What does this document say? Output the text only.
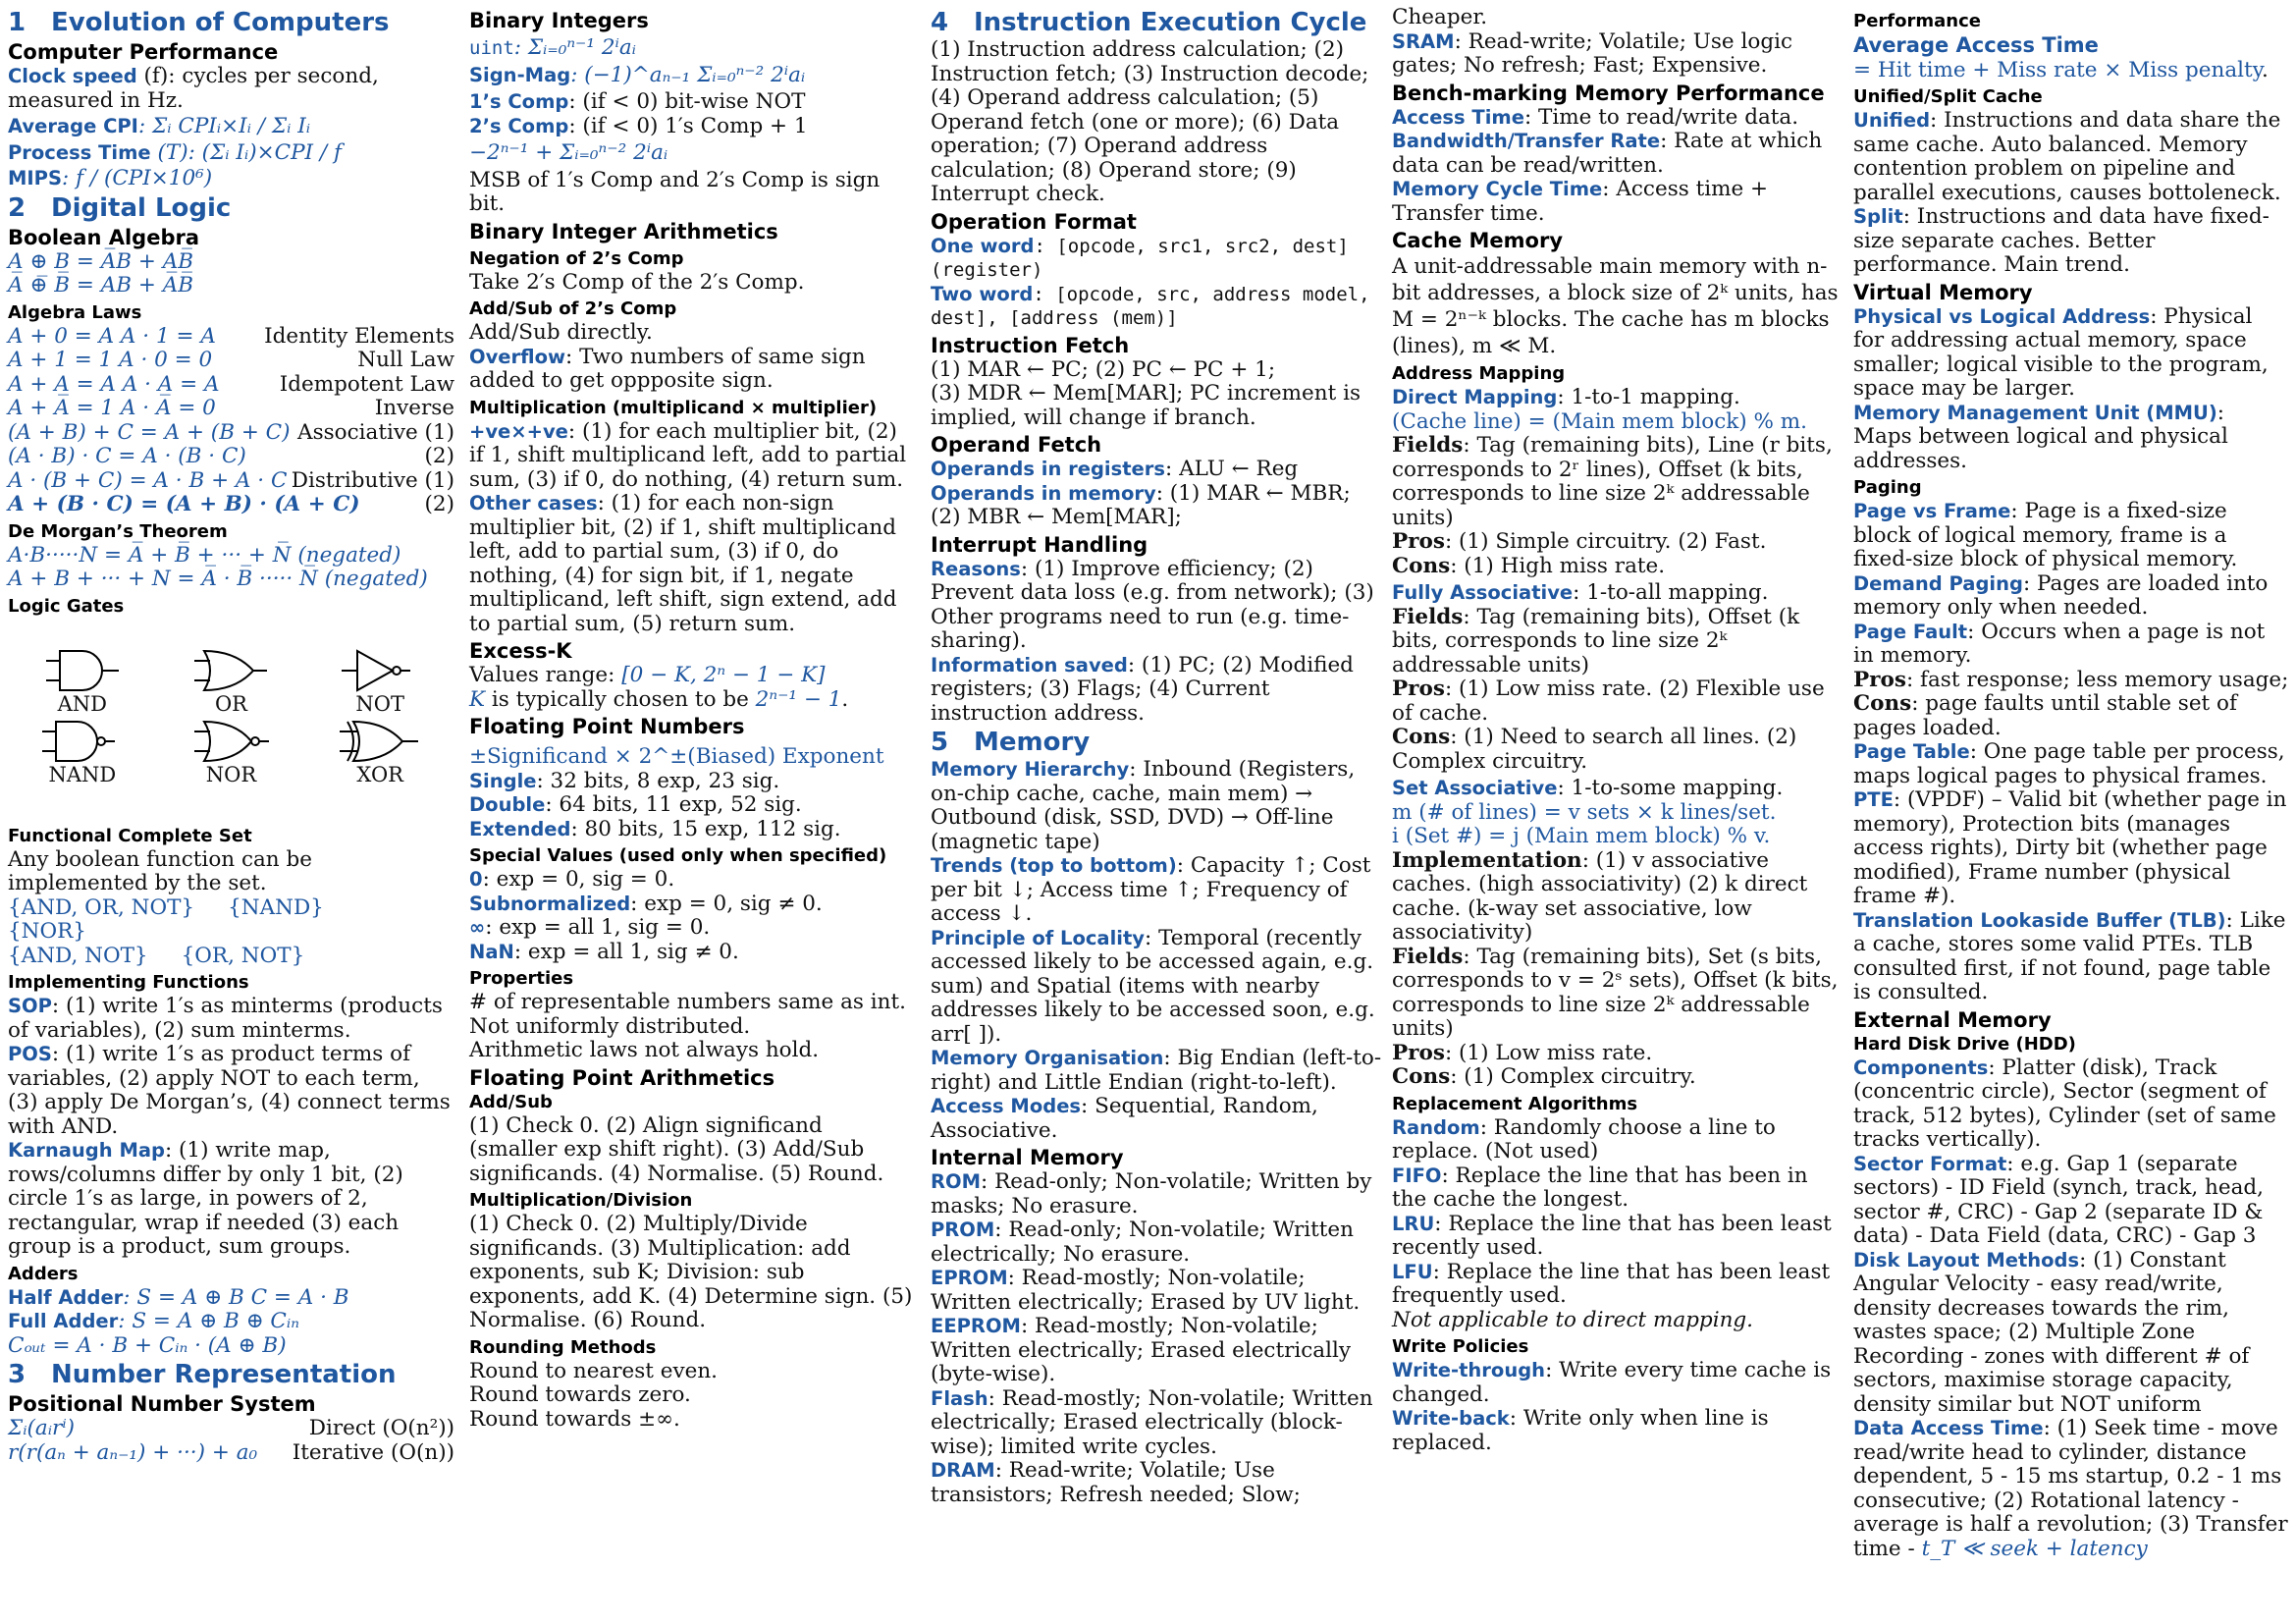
1 Evolution of Computers
Computer Performance

Clock speed (f): cycles per second, measured in Hz.

Average CPI: Σᵢ CPIᵢ×Iᵢ / Σᵢ Iᵢ

Process Time (T): (Σᵢ Iᵢ)×CPI / f

MIPS: f / (CPI×10⁶)

2 Digital Logic
Boolean Algebra

A ⊕ B = A̅B + AB̅

A̅ ⊕̅ B̅ = AB + A̅B̅

Algebra Laws
A + 0 = A A · 1 = A Identity Elements
A + 1 = 1 A · 0 = 0	Null Law
A + A = A A · A = A	Idempotent Law
A + A̅ = 1 A · A̅ = 0	Inverse
(A + B) + C = A + (B + C) Associative (1)
(A · B) · C = A · (B · C)	(2)
A · (B + C) = A · B + A · C Distributive (1)
A + (B · C) = (A + B) · (A + C)	(2)
De Morgan’s Theorem

A·B·····N = A̅ + B̅ + ··· + N̅ (negated)

A + B + ··· + N = A̅ · B̅ ····· N̅ (negated)

Logic Gates
AND	OR	NOT
NAND	NOR	XOR
Functional Complete Set

Any boolean function can be implemented by the set.

{AND, OR, NOT} {NAND}{NOR}

{AND, NOT} {OR, NOT}

Implementing Functions

SOP: (1) write 1′s as minterms (products of variables), (2) sum minterms.

POS: (1) write 1′s as product terms of variables, (2) apply NOT to each term, (3) apply De Morgan’s, (4) connect terms with AND.

Karnaugh Map: (1) write map, rows/columns differ by only 1 bit, (2) circle 1′s as large, in powers of 2, rectangular, wrap if needed (3) each group is a product, sum groups.

Adders

Half Adder: S = A ⊕ B C = A · B

Full Adder: S = A ⊕ B ⊕ Cᵢₙ

Cₒᵤₜ = A · B + Cᵢₙ · (A ⊕ B)

3 Number Representation
Positional Number System
Σᵢ(aᵢrⁱ)	Direct (O(n²))
r(r(aₙ + aₙ₋₁) + ···) + a₀ Iterative (O(n))
Binary Integers

uint: Σᵢ₌₀ⁿ⁻¹ 2ⁱaᵢ

Sign-Mag: (−1)^aₙ₋₁ Σᵢ₌₀ⁿ⁻² 2ⁱaᵢ

1’s Comp: (if < 0) bit-wise NOT

2’s Comp: (if < 0) 1′s Comp + 1

−2ⁿ⁻¹ + Σᵢ₌₀ⁿ⁻² 2ⁱaᵢ

MSB of 1′s Comp and 2′s Comp is sign bit.

Binary Integer Arithmetics
Negation of 2’s Comp

Take 2′s Comp of the 2′s Comp.

Add/Sub of 2’s Comp

Add/Sub directly.

Overflow: Two numbers of same sign added to get oppposite sign.

Multiplication (multiplicand × multiplier)

+ve×+ve: (1) for each multiplier bit, (2) if 1, shift multiplicand left, add to partial sum, (3) if 0, do nothing, (4) return sum. Other cases: (1) for each non-sign multiplier bit, (2) if 1, shift multiplicand left, add to partial sum, (3) if 0, do nothing, (4) for sign bit, if 1, negate multiplicand, left shift, sign extend, add to partial sum, (5) return sum.

Excess-K

Values range: [0 − K, 2ⁿ − 1 − K]

K is typically chosen to be 2ⁿ⁻¹ − 1.

Floating Point Numbers

±Significand × 2^±(Biased) Exponent

Single: 32 bits, 8 exp, 23 sig.

Double: 64 bits, 11 exp, 52 sig.

Extended: 80 bits, 15 exp, 112 sig.

Special Values (used only when specified)

0: exp = 0, sig = 0.

Subnormalized: exp = 0, sig ≠ 0.

∞: exp = all 1, sig = 0.

NaN: exp = all 1, sig ≠ 0.

Properties

# of representable numbers same as int.

Not uniformly distributed.

Arithmetic laws not always hold.

Floating Point Arithmetics
Add/Sub

(1) Check 0. (2) Align significand (smaller exp shift right). (3) Add/Sub significands. (4) Normalise. (5) Round.

Multiplication/Division

(1) Check 0. (2) Multiply/Divide significands. (3) Multiplication: add exponents, sub K; Division: sub exponents, add K. (4) Determine sign. (5) Normalise. (6) Round.

Rounding Methods

Round to nearest even.

Round towards zero.

Round towards ±∞.

4 Instruction Execution Cycle

(1) Instruction address calculation; (2) Instruction fetch; (3) Instruction decode; (4) Operand address calculation; (5) Operand fetch (one or more); (6) Data operation; (7) Operand address calculation; (8) Operand store; (9) Interrupt check.

Operation Format

One word: [opcode, src1, src2, dest] (register)

Two word: [opcode, src, address model, dest], [address (mem)]

Instruction Fetch

(1) MAR ← PC; (2) PC ← PC + 1;

(3) MDR ← Mem[MAR]; PC increment is implied, will change if branch.

Operand Fetch

Operands in registers: ALU ← Reg

Operands in memory: (1) MAR ← MBR; (2) MBR ← Mem[MAR];

Interrupt Handling

Reasons: (1) Improve efficiency; (2) Prevent data loss (e.g. from network); (3) Other programs need to run (e.g. time-sharing).

Information saved: (1) PC; (2) Modified registers; (3) Flags; (4) Current instruction address.

5 Memory

Memory Hierarchy: Inbound (Registers, on-chip cache, cache, main mem) → Outbound (disk, SSD, DVD) → Off-line (magnetic tape)

Trends (top to bottom): Capacity ↑; Cost per bit ↓; Access time ↑; Frequency of access ↓.

Principle of Locality: Temporal (recently accessed likely to be accessed again, e.g. sum) and Spatial (items with nearby addresses likely to be accessed soon, e.g. arr[ ]).

Memory Organisation: Big Endian (left-to-right) and Little Endian (right-to-left).

Access Modes: Sequential, Random, Associative.

Internal Memory

ROM: Read-only; Non-volatile; Written by masks; No erasure.

PROM: Read-only; Non-volatile; Written electrically; No erasure.

EPROM: Read-mostly; Non-volatile; Written electrically; Erased by UV light.

EEPROM: Read-mostly; Non-volatile; Written electrically; Erased electrically (byte-wise).

Flash: Read-mostly; Non-volatile; Written electrically; Erased electrically (block-wise); limited write cycles.

DRAM: Read-write; Volatile; Use transistors; Refresh needed; Slow;

Cheaper.

SRAM: Read-write; Volatile; Use logic gates; No refresh; Fast; Expensive.

Bench-marking Memory Performance

Access Time: Time to read/write data.

Bandwidth/Transfer Rate: Rate at which data can be read/written.

Memory Cycle Time: Access time + Transfer time.

Cache Memory

A unit-addressable main memory with n-bit addresses, a block size of 2ᵏ units, has M = 2ⁿ⁻ᵏ blocks. The cache has m blocks (lines), m ≪ M.

Address Mapping

Direct Mapping: 1-to-1 mapping.

(Cache line) = (Main mem block) % m.

Fields: Tag (remaining bits), Line (r bits, corresponds to 2ʳ lines), Offset (k bits, corresponds to line size 2ᵏ addressable units)

Pros: (1) Simple circuitry. (2) Fast.

Cons: (1) High miss rate.

Fully Associative: 1-to-all mapping.

Fields: Tag (remaining bits), Offset (k bits, corresponds to line size 2ᵏ addressable units)

Pros: (1) Low miss rate. (2) Flexible use of cache.

Cons: (1) Need to search all lines. (2) Complex circuitry.

Set Associative: 1-to-some mapping.

m (# of lines) = v sets × k lines/set.

i (Set #) = j (Main mem block) % v.

Implementation: (1) v associative caches. (high associativity) (2) k direct cache. (k-way set associative, low associativity)

Fields: Tag (remaining bits), Set (s bits, corresponds to v = 2ˢ sets), Offset (k bits, corresponds to line size 2ᵏ addressable units)

Pros: (1) Low miss rate.

Cons: (1) Complex circuitry.

Replacement Algorithms

Random: Randomly choose a line to replace. (Not used)

FIFO: Replace the line that has been in the cache the longest.

LRU: Replace the line that has been least recently used.

LFU: Replace the line that has been least frequently used.

Not applicable to direct mapping.

Write Policies

Write-through: Write every time cache is changed.

Write-back: Write only when line is replaced.

Performance

Average Access Time

= Hit time + Miss rate × Miss penalty.

Unified/Split Cache

Unified: Instructions and data share the same cache. Auto balanced. Memory contention problem on pipeline and parallel executions, causes bottoleneck.

Split: Instructions and data have fixed-size separate caches. Better performance. Main trend.

Virtual Memory

Physical vs Logical Address: Physical for addressing actual memory, space smaller; logical visible to the program, space may be larger.

Memory Management Unit (MMU): Maps between logical and physical addresses.

Paging

Page vs Frame: Page is a fixed-size block of logical memory, frame is a fixed-size block of physical memory.

Demand Paging: Pages are loaded into memory only when needed.

Page Fault: Occurs when a page is not in memory.

Pros: fast response; less memory usage;

Cons: page faults until stable set of pages loaded.

Page Table: One page table per process, maps logical pages to physical frames.

PTE: (VPDF) – Valid bit (whether page in memory), Protection bits (manages access rights), Dirty bit (whether page modified), Frame number (physical frame #).

Translation Lookaside Buffer (TLB): Like a cache, stores some valid PTEs. TLB consulted first, if not found, page table is consulted.

External Memory
Hard Disk Drive (HDD)

Components: Platter (disk), Track (concentric circle), Sector (segment of track, 512 bytes), Cylinder (set of same tracks vertically).

Sector Format: e.g. Gap 1 (separate sectors) - ID Field (synch, track, head, sector #, CRC) - Gap 2 (separate ID & data) - Data Field (data, CRC) - Gap 3

Disk Layout Methods: (1) Constant Angular Velocity - easy read/write, density decreases towards the rim, wastes space; (2) Multiple Zone Recording - zones with different # of sectors, maximise storage capacity, density similar but NOT uniform

Data Access Time: (1) Seek time - move read/write head to cylinder, distance dependent, 5 - 15 ms startup, 0.2 - 1 ms consecutive; (2) Rotational latency - average is half a revolution; (3) Transfer time - t_T ≪ seek + latency
